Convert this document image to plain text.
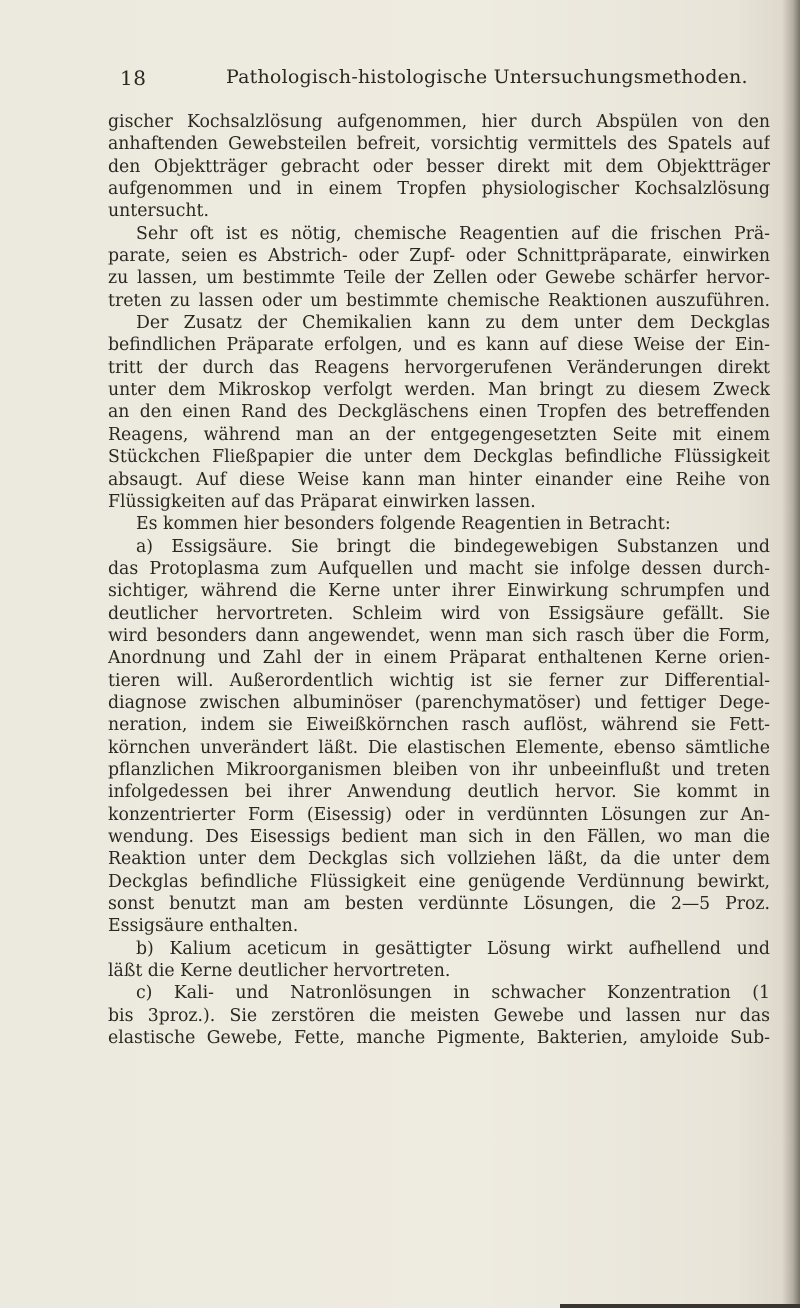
18	Pathologisch-histologische Untersuchungsmethoden.
gischer Kochsalzlösung aufgenommen, hier durch Abspülen von den
anhaftenden Gewebsteilen befreit, vorsichtig vermittels des Spatels auf
den Objektträger gebracht oder besser direkt mit dem Objektträger
aufgenommen und in einem Tropfen physiologischer Kochsalzlösung
untersucht.
Sehr oft ist es nötig, chemische Reagentien auf die frischen Prä-
parate, seien es Abstrich- oder Zupf- oder Schnittpräparate, einwirken
zu lassen, um bestimmte Teile der Zellen oder Gewebe schärfer hervor-
treten zu lassen oder um bestimmte chemische Reaktionen auszuführen.
Der Zusatz der Chemikalien kann zu dem unter dem Deckglas
befindlichen Präparate erfolgen, und es kann auf diese Weise der Ein-
tritt der durch das Reagens hervorgerufenen Veränderungen direkt
unter dem Mikroskop verfolgt werden. Man bringt zu diesem Zweck
an den einen Rand des Deckgläschens einen Tropfen des betreffenden
Reagens, während man an der entgegengesetzten Seite mit einem
Stückchen Fließpapier die unter dem Deckglas befindliche Flüssigkeit
absaugt. Auf diese Weise kann man hinter einander eine Reihe von
Flüssigkeiten auf das Präparat einwirken lassen.
Es kommen hier besonders folgende Reagentien in Betracht:
a) Essigsäure. Sie bringt die bindegewebigen Substanzen und
das Protoplasma zum Aufquellen und macht sie infolge dessen durch-
sichtiger, während die Kerne unter ihrer Einwirkung schrumpfen und
deutlicher hervortreten. Schleim wird von Essigsäure gefällt. Sie
wird besonders dann angewendet, wenn man sich rasch über die Form,
Anordnung und Zahl der in einem Präparat enthaltenen Kerne orien-
tieren will. Außerordentlich wichtig ist sie ferner zur Differential-
diagnose zwischen albuminöser (parenchymatöser) und fettiger Dege-
neration, indem sie Eiweißkörnchen rasch auflöst, während sie Fett-
körnchen unverändert läßt. Die elastischen Elemente, ebenso sämtliche
pflanzlichen Mikroorganismen bleiben von ihr unbeeinflußt und treten
infolgedessen bei ihrer Anwendung deutlich hervor. Sie kommt in
konzentrierter Form (Eisessig) oder in verdünnten Lösungen zur An-
wendung. Des Eisessigs bedient man sich in den Fällen, wo man die
Reaktion unter dem Deckglas sich vollziehen läßt, da die unter dem
Deckglas befindliche Flüssigkeit eine genügende Verdünnung bewirkt,
sonst benutzt man am besten verdünnte Lösungen, die 2—5 Proz.
Essigsäure enthalten.
b) Kalium aceticum in gesättigter Lösung wirkt aufhellend und
läßt die Kerne deutlicher hervortreten.
c) Kali- und Natronlösungen in schwacher Konzentration (1
bis 3proz.). Sie zerstören die meisten Gewebe und lassen nur das
elastische Gewebe, Fette, manche Pigmente, Bakterien, amyloide Sub-
